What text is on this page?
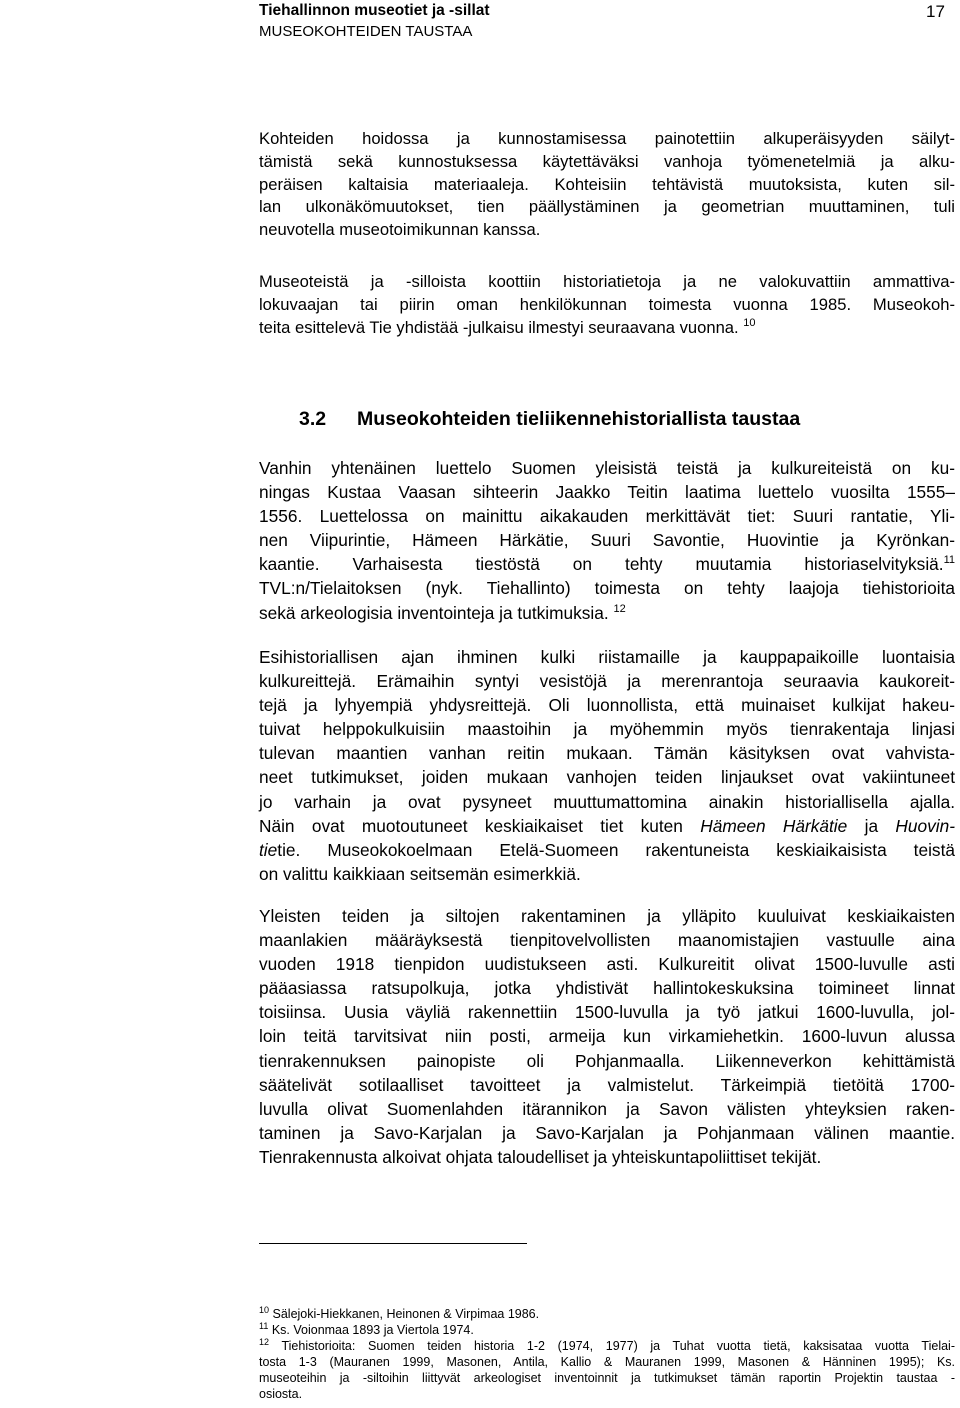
Tiehallinnon museotiet ja -sillat
MUSEOKOHTEIDEN TAUSTAA
17

Kohteiden hoidossa ja kunnostamisessa painotettiin alkuperäisyyden säilyt-
tämistä sekä kunnostuksessa käytettäväksi vanhoja työmenetelmiä ja alku-
peräisen kaltaisia materiaaleja. Kohteisiin tehtävistä muutoksista, kuten sil-
lan ulkonäkömuutokset, tien päällystäminen ja geometrian muuttaminen, tuli
neuvotella museotoimikunnan kanssa.

Museoteistä ja -silloista koottiin historiatietoja ja ne valokuvattiin ammattiva-
lokuvaajan tai piirin oman henkilökunnan toimesta vuonna 1985. Museokoh-
teita esittelevä Tie yhdistää -julkaisu ilmestyi seuraavana vuonna. $^{10}$

3.2 Museokohteiden tieliikennehistoriallista taustaa

Vanhin yhtenäinen luettelo Suomen yleisistä teistä ja kulkureiteistä on ku-
ningas Kustaa Vaasan sihteerin Jaakko Teitin laatima luettelo vuosilta 1555–
1556. Luettelossa on mainittu aikakauden merkittävät tiet: Suuri rantatie, Yli-
nen Viipurintie, Hämeen Härkätie, Suuri Savontie, Huovintie ja Kyrönkan-
kaantie. Varhaisesta tiestöstä on tehty muutamia historiaselvityksiä.$^{11}$
TVL:n/Tielaitoksen (nyk. Tiehallinto) toimesta on tehty laajoja tiehistorioita
sekä arkeologisia inventointeja ja tutkimuksia. $^{12}$

Esihistoriallisen ajan ihminen kulki riistamaille ja kauppapaikoille luontaisia
kulkureittejä. Erämaihin syntyi vesistöjä ja merenrantoja seuraavia kaukoreit-
tejä ja lyhyempiä yhdysreittejä. Oli luonnollista, että muinaiset kulkijat hakeu-
tuivat helppokulkuisiin maastoihin ja myöhemmin myös tienrakentaja linjasi
tulevan maantien vanhan reitin mukaan. Tämän käsityksen ovat vahvista-
neet tutkimukset, joiden mukaan vanhojen teiden linjaukset ovat vakiintuneet
jo varhain ja ovat pysyneet muuttumattomina ainakin historiallisella ajalla.
Näin ovat muotoutuneet keskiaikaiset tiet kuten Hämeen Härkätie ja Huovin-
tietie. Museokokoelmaan Etelä-Suomeen rakentuneista keskiaikaisista teistä
on valittu kaikkiaan seitsemän esimerkkiä.

Yleisten teiden ja siltojen rakentaminen ja ylläpito kuuluivat keskiaikaisten
maanlakien määräyksestä tienpitovelvollisten maanomistajien vastuulle aina
vuoden 1918 tienpidon uudistukseen asti. Kulkureitit olivat 1500-luvulle asti
pääasiassa ratsupolkuja, jotka yhdistivät hallintokeskuksina toimineet linnat
toisiinsa. Uusia väyliä rakennettiin 1500-luvulla ja työ jatkui 1600-luvulla, jol-
loin teitä tarvitsivat niin posti, armeija kun virkamiehetkin. 1600-luvun alussa
tienrakennuksen painopiste oli Pohjanmaalla. Liikenneverkon kehittämistä
säätelivät sotilaalliset tavoitteet ja valmistelut. Tärkeimpiä tietöitä 1700-
luvulla olivat Suomenlahden itärannikon ja Savon välisten yhteyksien raken-
taminen ja Savo-Karjalan ja Savo-Karjalan ja Pohjanmaan välinen maantie.
Tienrakennusta alkoivat ohjata taloudelliset ja yhteiskuntapoliittiset tekijät.

$^{10}$ Sälejoki-Hiekkanen, Heinonen & Virpimaa 1986.

$^{11}$ Ks. Voionmaa 1893 ja Viertola 1974.

$^{12}$ Tiehistorioita: Suomen teiden historia 1-2 (1974, 1977) ja Tuhat vuotta tietä, kaksisataa vuotta Tielai-
tosta 1-3 (Mauranen 1999, Masonen, Antila, Kallio & Mauranen 1999, Masonen & Hänninen 1995); Ks.
museoteihin ja -siltoihin liittyvät arkeologiset inventoinnit ja tutkimukset tämän raportin Projektin taustaa -
osiosta.
